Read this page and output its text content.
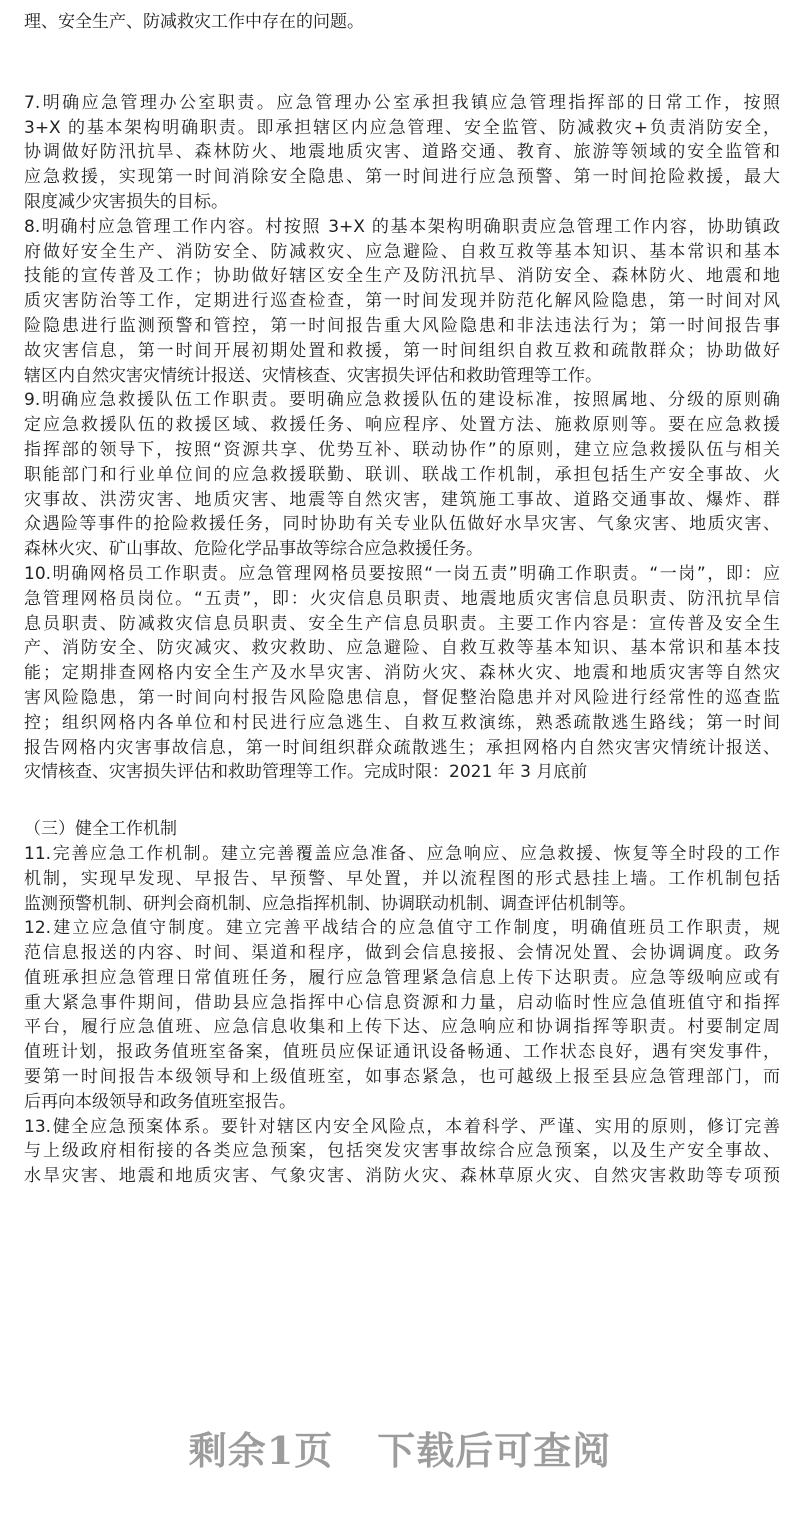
理、安全生产、防减救灾工作中存在的问题。
7.明确应急管理办公室职责。应急管理办公室承担我镇应急管理指挥部的日常工作，按照
3+X 的基本架构明确职责。即承担辖区内应急管理、安全监管、防减救灾+负责消防安全，
协调做好防汛抗旱、森林防火、地震地质灾害、道路交通、教育、旅游等领域的安全监管和
应急救援，实现第一时间消除安全隐患、第一时间进行应急预警、第一时间抢险救援，最大
限度减少灾害损失的目标。
8.明确村应急管理工作内容。村按照 3+X 的基本架构明确职责应急管理工作内容，协助镇政
府做好安全生产、消防安全、防减救灾、应急避险、自救互救等基本知识、基本常识和基本
技能的宣传普及工作；协助做好辖区安全生产及防汛抗旱、消防安全、森林防火、地震和地
质灾害防治等工作，定期进行巡查检查，第一时间发现并防范化解风险隐患，第一时间对风
险隐患进行监测预警和管控，第一时间报告重大风险隐患和非法违法行为；第一时间报告事
故灾害信息，第一时间开展初期处置和救援，第一时间组织自救互救和疏散群众；协助做好
辖区内自然灾害灾情统计报送、灾情核查、灾害损失评估和救助管理等工作。
9.明确应急救援队伍工作职责。要明确应急救援队伍的建设标准，按照属地、分级的原则确
定应急救援队伍的救援区域、救援任务、响应程序、处置方法、施救原则等。要在应急救援
指挥部的领导下，按照“资源共享、优势互补、联动协作”的原则，建立应急救援队伍与相关
职能部门和行业单位间的应急救援联勤、联训、联战工作机制，承担包括生产安全事故、火
灾事故、洪涝灾害、地质灾害、地震等自然灾害，建筑施工事故、道路交通事故、爆炸、群
众遇险等事件的抢险救援任务，同时协助有关专业队伍做好水旱灾害、气象灾害、地质灾害、
森林火灾、矿山事故、危险化学品事故等综合应急救援任务。
10.明确网格员工作职责。应急管理网格员要按照“一岗五责”明确工作职责。“一岗”，即：应
急管理网格员岗位。“五责”，即：火灾信息员职责、地震地质灾害信息员职责、防汛抗旱信
息员职责、防减救灾信息员职责、安全生产信息员职责。主要工作内容是：宣传普及安全生
产、消防安全、防灾减灾、救灾救助、应急避险、自救互救等基本知识、基本常识和基本技
能；定期排查网格内安全生产及水旱灾害、消防火灾、森林火灾、地震和地质灾害等自然灾
害风险隐患，第一时间向村报告风险隐患信息，督促整治隐患并对风险进行经常性的巡查监
控；组织网格内各单位和村民进行应急逃生、自救互救演练，熟悉疏散逃生路线；第一时间
报告网格内灾害事故信息，第一时间组织群众疏散逃生；承担网格内自然灾害灾情统计报送、
灾情核查、灾害损失评估和救助管理等工作。完成时限：2021 年 3 月底前
（三）健全工作机制
11.完善应急工作机制。建立完善覆盖应急准备、应急响应、应急救援、恢复等全时段的工作
机制，实现早发现、早报告、早预警、早处置，并以流程图的形式悬挂上墙。工作机制包括
监测预警机制、研判会商机制、应急指挥机制、协调联动机制、调查评估机制等。
12.建立应急值守制度。建立完善平战结合的应急值守工作制度，明确值班员工作职责，规
范信息报送的内容、时间、渠道和程序，做到会信息接报、会情况处置、会协调调度。政务
值班承担应急管理日常值班任务，履行应急管理紧急信息上传下达职责。应急等级响应或有
重大紧急事件期间，借助县应急指挥中心信息资源和力量，启动临时性应急值班值守和指挥
平台，履行应急值班、应急信息收集和上传下达、应急响应和协调指挥等职责。村要制定周
值班计划，报政务值班室备案，值班员应保证通讯设备畅通、工作状态良好，遇有突发事件，
要第一时间报告本级领导和上级值班室，如事态紧急，也可越级上报至县应急管理部门，而
后再向本级领导和政务值班室报告。
13.健全应急预案体系。要针对辖区内安全风险点，本着科学、严谨、实用的原则，修订完善
与上级政府相衔接的各类应急预案，包括突发灾害事故综合应急预案，以及生产安全事故、
水旱灾害、地震和地质灾害、气象灾害、消防火灾、森林草原火灾、自然灾害救助等专项预
剩余1页 下载后可查阅
